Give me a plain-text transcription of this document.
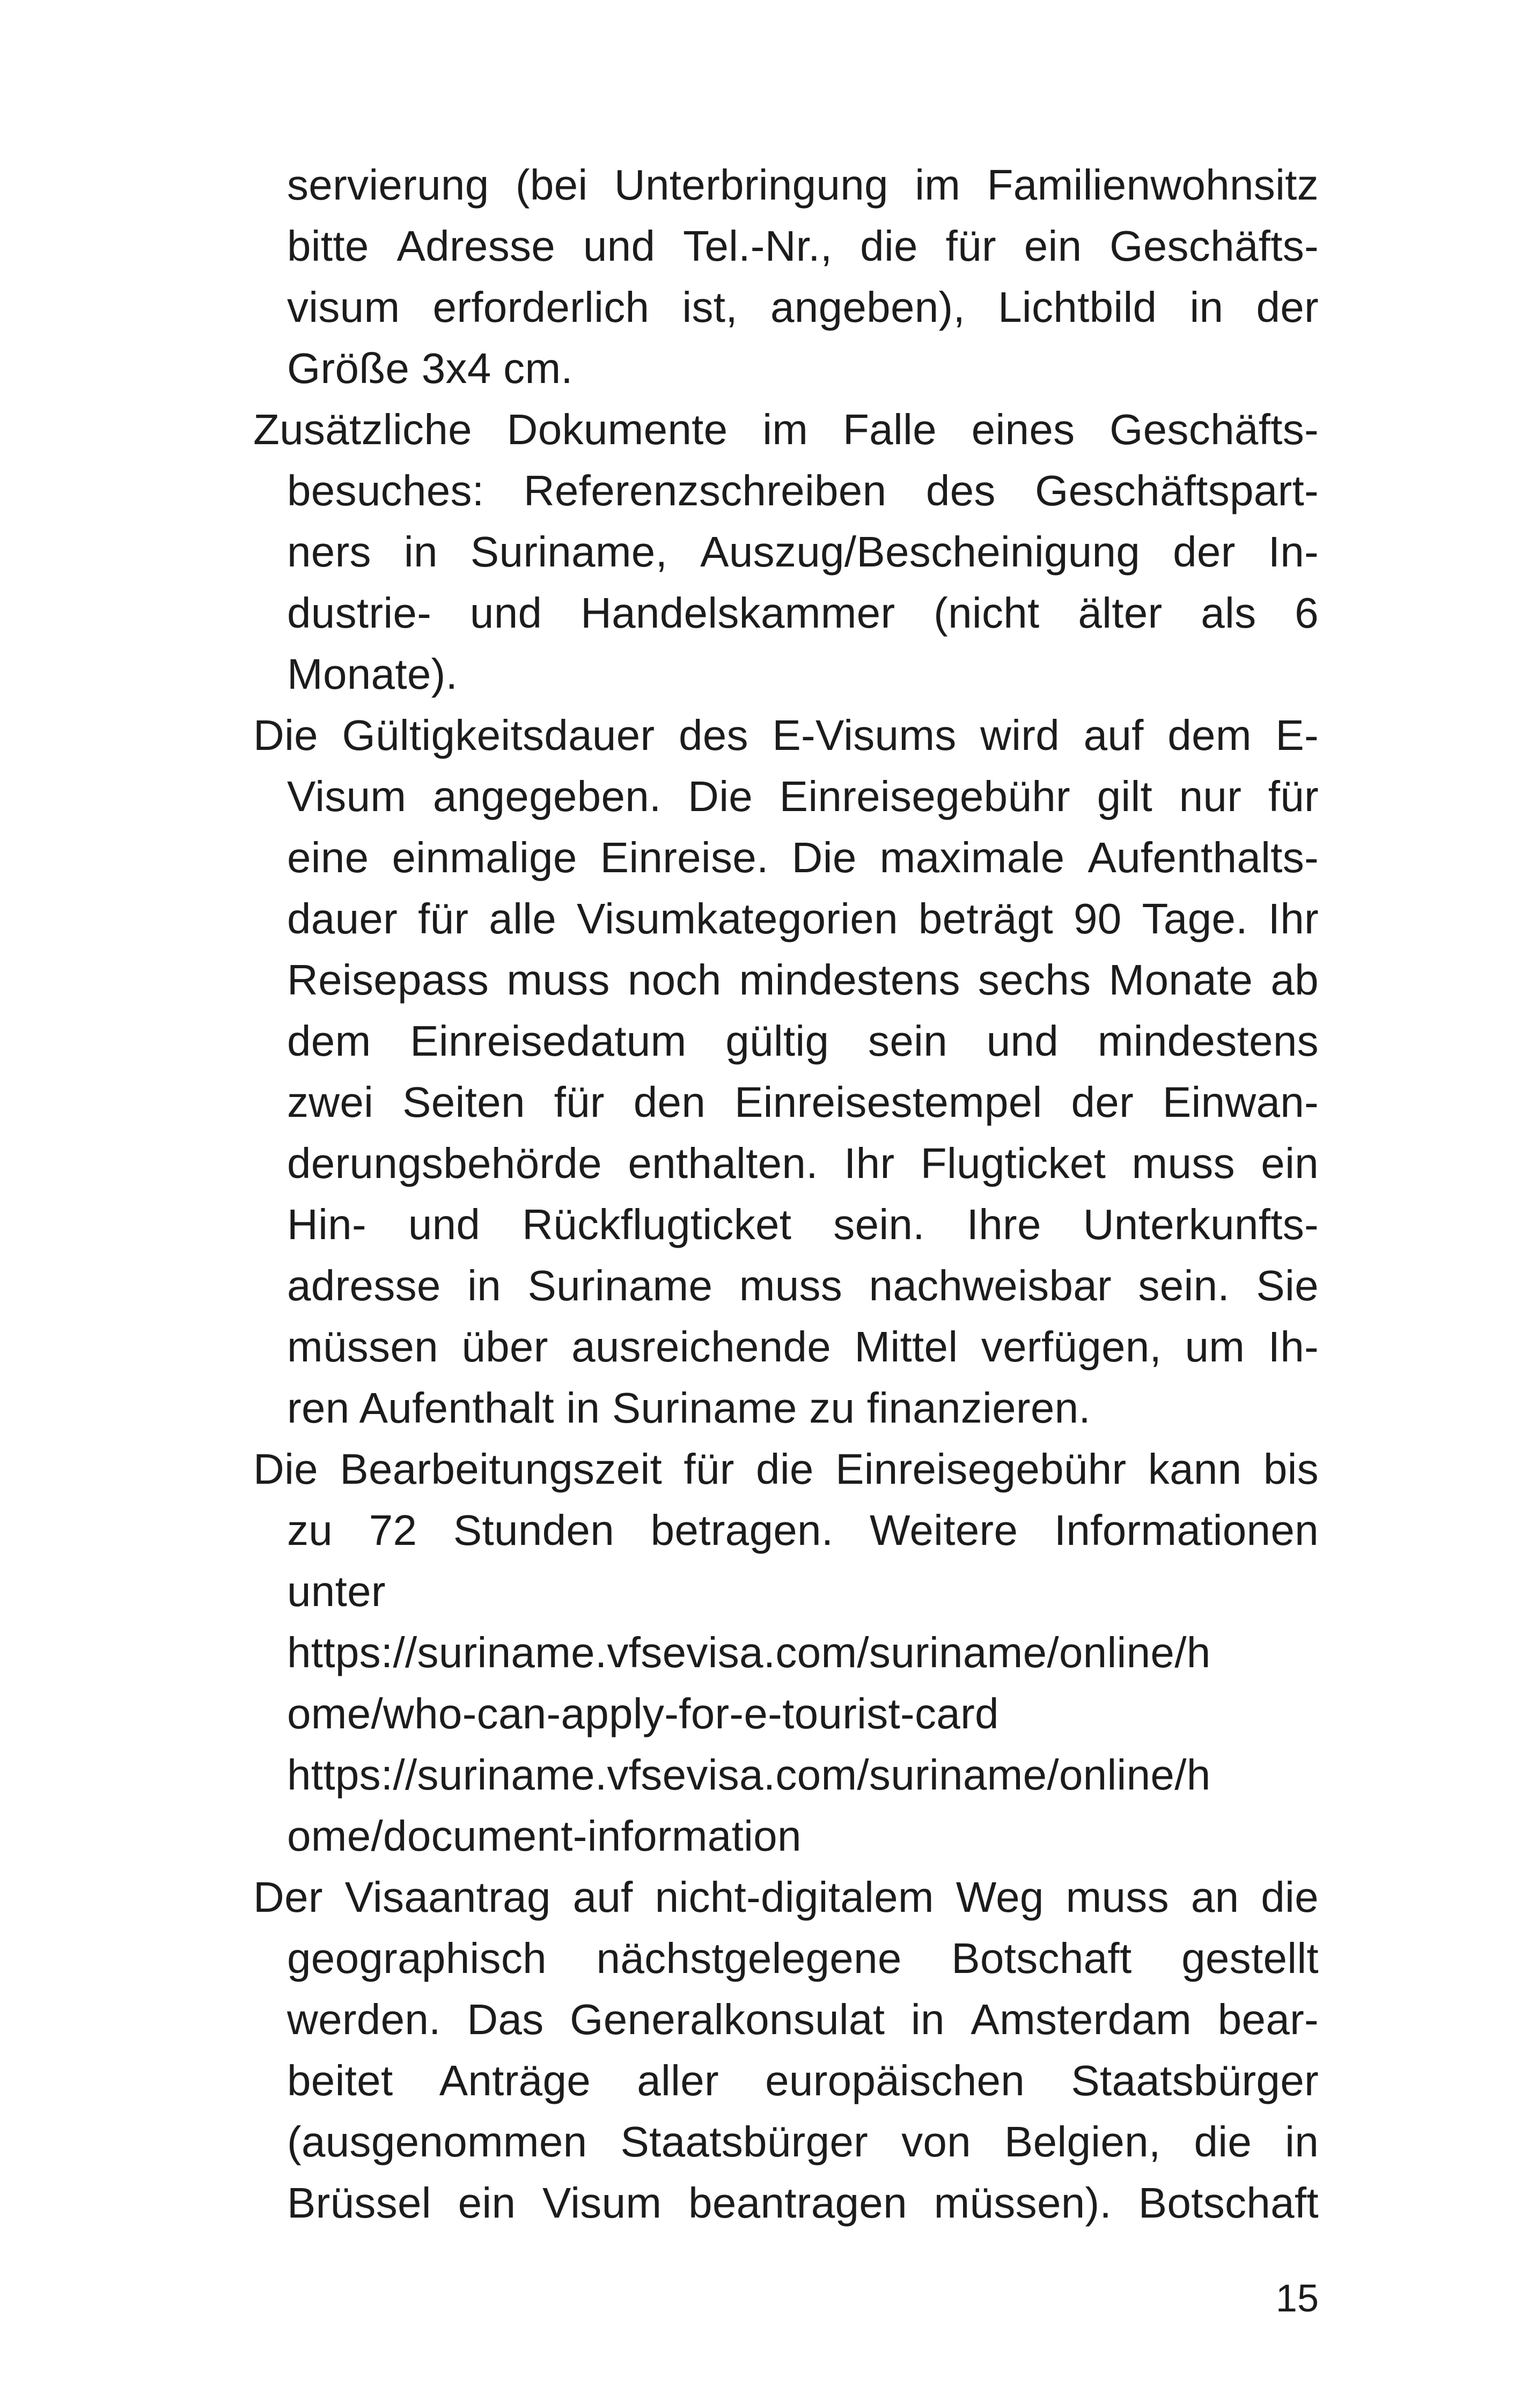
servierung (bei Unterbringung im Familienwohnsitz
bitte Adresse und Tel.-Nr., die für ein Geschäfts-
visum erforderlich ist, angeben), Lichtbild in der
Größe 3x4 cm.
Zusätzliche Dokumente im Falle eines Geschäfts-
besuches: Referenzschreiben des Geschäftspart-
ners in Suriname, Auszug/Bescheinigung der In-
dustrie- und Handelskammer (nicht älter als 6
Monate).
Die Gültigkeitsdauer des E-Visums wird auf dem E-
Visum angegeben. Die Einreisegebühr gilt nur für
eine einmalige Einreise. Die maximale Aufenthalts-
dauer für alle Visumkategorien beträgt 90 Tage. Ihr
Reisepass muss noch mindestens sechs Monate ab
dem Einreisedatum gültig sein und mindestens
zwei Seiten für den Einreisestempel der Einwan-
derungsbehörde enthalten. Ihr Flugticket muss ein
Hin- und Rückflugticket sein. Ihre Unterkunfts-
adresse in Suriname muss nachweisbar sein. Sie
müssen über ausreichende Mittel verfügen, um Ih-
ren Aufenthalt in Suriname zu finanzieren.
Die Bearbeitungszeit für die Einreisegebühr kann bis
zu 72 Stunden betragen. Weitere Informationen
unter
https://suriname.vfsevisa.com/suriname/online/h
ome/who-can-apply-for-e-tourist-card
https://suriname.vfsevisa.com/suriname/online/h
ome/document-information
Der Visaantrag auf nicht-digitalem Weg muss an die
geographisch nächstgelegene Botschaft gestellt
werden. Das Generalkonsulat in Amsterdam bear-
beitet Anträge aller europäischen Staatsbürger
(ausgenommen Staatsbürger von Belgien, die in
Brüssel ein Visum beantragen müssen). Botschaft
15
